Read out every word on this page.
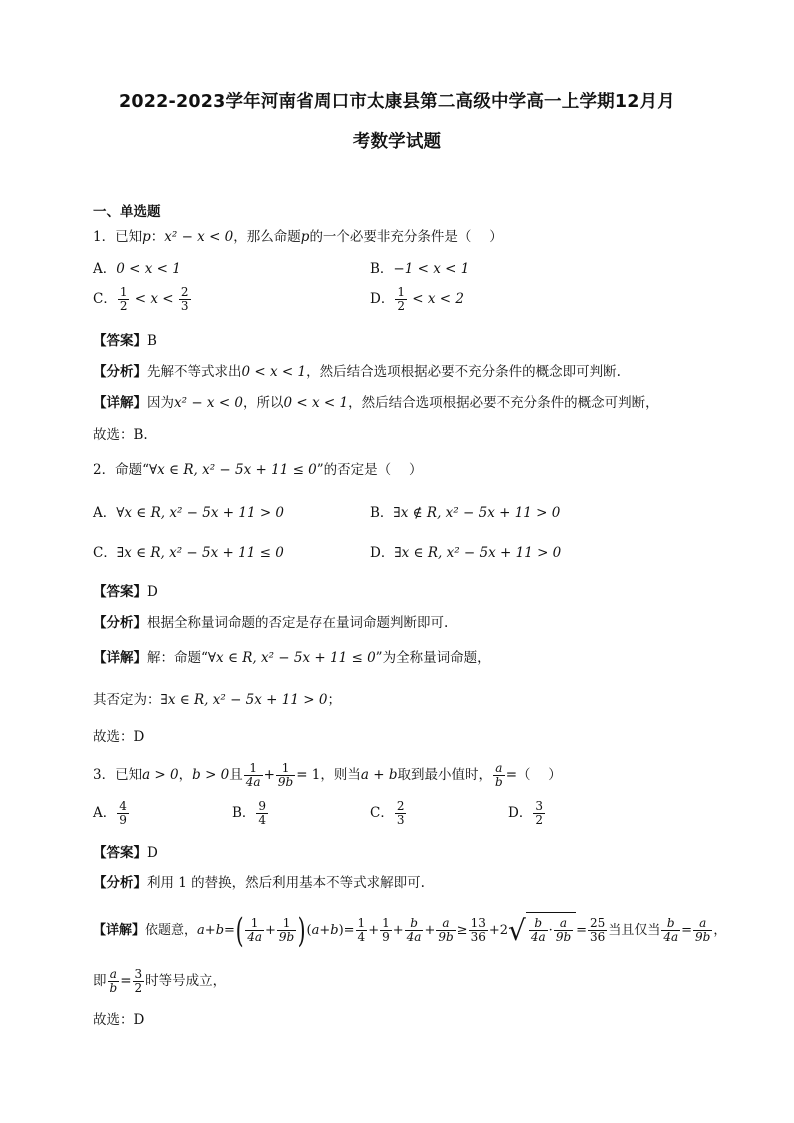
2022-2023学年河南省周口市太康县第二高级中学高一上学期12月月
考数学试题
一、单选题
1．已知p：x² − x < 0，那么命题p的一个必要非充分条件是（　 ）
A．0 < x < 1	B．−1 < x < 1
C． $\frac{1}{2} < x < \frac{2}{3}$	D． $\frac{1}{2} < x < 2$
【答案】B
【分析】先解不等式求出0 < x < 1，然后结合选项根据必要不充分条件的概念即可判断.
【详解】因为x² − x < 0，所以0 < x < 1，然后结合选项根据必要不充分条件的概念可判断，
故选：B.
2．命题“∀x ∈ R, x² − 5x + 11 ≤ 0”的否定是（　 ）
A．∀x ∈ R, x² − 5x + 11 > 0	B．∃x ∉ R, x² − 5x + 11 > 0
C．∃x ∈ R, x² − 5x + 11 ≤ 0	D．∃x ∈ R, x² − 5x + 11 > 0
【答案】D
【分析】根据全称量词命题的否定是存在量词命题判断即可.
【详解】解：命题“∀x ∈ R, x² − 5x + 11 ≤ 0”为全称量词命题，
其否定为：∃x ∈ R, x² − 5x + 11 > 0；
故选：D
3．已知a > 0，b > 0且 $\frac{1}{4a} + \frac{1}{9b} = 1$，则当a + b取到最小值时， $\frac{a}{b}$ =（　 ）
A． $\frac{4}{9}$	B． $\frac{9}{4}$	C． $\frac{2}{3}$	D． $\frac{3}{2}$
【答案】D
【分析】利用 1 的替换，然后利用基本不等式求解即可.
【详解】依题意，$a+b=( \frac{1}{4a} + \frac{1}{9b} )(a+b)= \frac{1}{4} + \frac{1}{9} + \frac{b}{4a} + \frac{a}{9b} \ge \frac{13}{36} +2√ \frac{b}{4a} \cdot \frac{a}{9b} = \frac{25}{36}$ 当且仅当 $\frac{b}{4a} = \frac{a}{9b}$ ，
即 $\frac{a}{b} = \frac{3}{2}$ 时等号成立，
故选：D
